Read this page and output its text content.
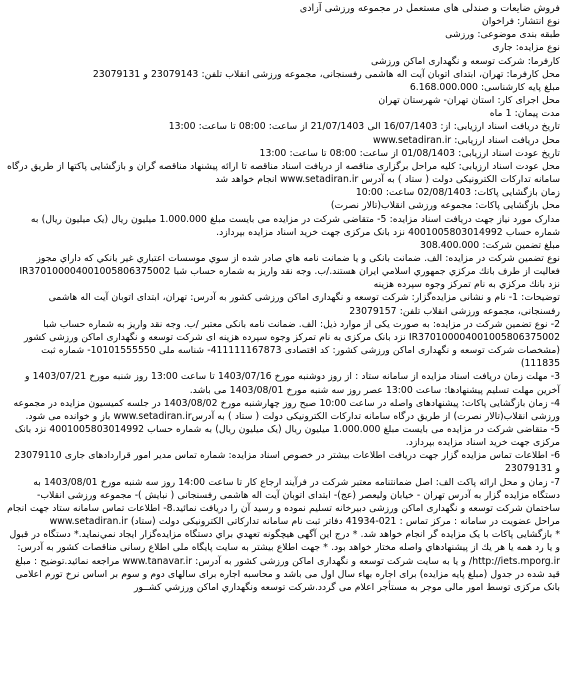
فروش ضایعات و صندلی های مستعمل در مجموعه ورزشی آزادی
نوع انتشار: فراخوان
طبقه بندی موضوعی: ورزشی
نوع مزایده: جاری
کارفرما: شرکت توسعه و نگهداری اماکن ورزشی
محل کارفرما: تهران، ابتدای اتوبان آیت اله هاشمی رفسنجانی، مجموعه ورزشی انقلاب تلفن: 23079143 و 23079131
مبلغ پایه کارشناسی: 6.168.000.000
محل اجرای کار: استان تهران- شهرستان تهران
مدت پیمان: 1 ماه
تاریخ دریافت اسناد ارزیابی: از: 16/07/1403 الی 21/07/1403 از ساعت: 08:00 تا ساعت: 13:00
محل دریافت اسناد ارزیابی: www.setadiran.ir
تاریخ عودت اسناد ارزیابی: 01/08/1403 از ساعت: 08:00 تا ساعت: 13:00
محل عودت اسناد ارزیابی: کلیه مراحل برگزاری مناقصه از دریافت اسناد مناقصه تا ارائه پیشنهاد مناقصه گران و بازگشایی پاکتها از طریق درگاه سامانه تدارکات الکترونیکی دولت ( ستاد ) به آدرس www.setadiran.ir انجام خواهد شد
زمان بازگشایی پاکات: 02/08/1403 ساعت: 10:00
محل بازگشایی پاکات: مجموعه ورزشی انقلاب(تالار نصرت)
مدارک مورد نیاز جهت دریافت اسناد مزایده: 5- متقاضی شرکت در مزایده می بایست مبلغ 1.000.000 میلیون ریال (یک میلیون ریال) به شماره حساب 4001005803014992 نزد بانک مرکزی جهت خرید اسناد مزایده بپردازد.
مبلغ تضمین شرکت: 308.400.000
نوع تضمین شرکت در مزایده: الف. ضمانت بانکی و یا ضمانت نامه هاي صادر شده از سوي موسسات اعتباري غیر بانکي که داراي مجوز فعالیت از طرف بانك مرکزي جمهوري اسلامي ایران هستند./ب. وجه نقد واریز به شماره حساب شبا IR370100004001005806375002 نزد بانك مرکزي به نام تمرکز وجوه سپرده هزینه
توضیحات: 1- نام و نشانی مزایده‌گزار: شرکت توسعه و نگهداری اماکن ورزشی کشور به آدرس: تهران، ابتدای اتوبان آیت اله هاشمی رفسنجانی، مجموعه ورزشی انقلاب تلفن: 23079157
2- نوع تضمین شرکت در مزایده: به صورت یکی از موارد ذیل: الف. ضمانت نامه بانکی معتبر /ب. وجه نقد واریز به شماره حساب شبا IR370100004001005806375002 نزد بانک مرکزی به نام تمرکز وجوه سپرده هزینه ای شرکت توسعه و نگهداری اماکن ورزشی کشور (مشخصات شرکت توسعه و نگهداری اماکن ورزشی کشور: کد اقتصادی 411111167873- شناسه ملی 10101555550- شماره ثبت 111835)
3- مهلت زمان دریافت اسناد مزایده از سامانه ستاد : از روز دوشنبه مورخ 1403/07/16 تا ساعت 13:00 روز شنبه مورخ 1403/07/21 و آخرین مهلت تسلیم پیشنهادها: ساعت 13:00 عصر روز سه شنبه مورخ 1403/08/01 می باشد.
4- زمان بازگشایی پاکات: پیشنهادهای واصله در ساعت 10:00 صبح روز چهارشنبه مورخ 1403/08/02 در جلسه کمیسیون مزایده در مجموعه ورزشی انقلاب(تالار نصرت) از طریق درگاه سامانه تدارکات الکترونیکی دولت ( ستاد ) به آدرسwww.setadiran.ir باز و خوانده می شود.
5- متقاضی شرکت در مزایده می بایست مبلغ 1.000.000 میلیون ریال (یک میلیون ریال) به شماره حساب 4001005803014992 نزد بانک مرکزی جهت خرید اسناد مزایده بپردازد.
6- اطلاعات تماس مزایده گزار جهت دریافت اطلاعات بیشتر در خصوص اسناد مزایده: شماره تماس مدیر امور قراردادهای جاری 23079110 و 23079131
7- زمان و محل ارائه پاکت الف: اصل ضمانتنامه معتبر شرکت در فرآیند ارجاع کار تا ساعت 14:00 روز سه شنبه مورخ 1403/08/01 به دستگاه مزایده گزار به آدرس تهران - خیابان ولیعصر (عج)- ابتدای اتوبان آیت اله هاشمی رفسنجانی ( نبایش )- مجموعه ورزشی انقلاب- ساختمان شرکت توسعه و نگهداری اماکن ورزشی دبیرخانه تسلیم نموده و رسید آن را دریافت نمائید.8- اطلاعات تماس سامانه ستاد جهت انجام مراحل عضویت در سامانه : مرکز تماس : 021-41934 دفاتر ثبت نام سامانه تدارکاتی الکترونیکی دولت (ستاد) www.setadiran.ir
* بازگشایی پاکات با یک مزایده گر انجام خواهد شد. * درج این آگهی هیچگونه تعهدي براي دستگاه مزايده‌گزار ايجاد نمي‌نمايد.* دستگاه در قبول و يا رد همه يا هر يك از پيشنهادهاي واصله مختار خواهد بود. * جهت اطلاع بیشتر به سایت پایگاه ملی اطلاع رسانی مناقصات کشور به آدرس: http://iets.mporg.ir/ و یا به سایت شرکت توسعه و نگهداری اماکن ورزشی کشور به آدرس: www.tanavar.ir مراجعه نمائید.توضیح : مبلغ قید شده در جدول (مبلغ پایه مزایده) برای اجاره بهاء سال اول می باشد و محاسبه اجاره برای سالهای دوم و سوم بر اساس نرخ تورم اعلامی بانک مرکزی توسط امور مالی موجر به مستأجر اعلام می گردد.شرکت توسعه ونگهداري اماكن ورزشي كشــور
